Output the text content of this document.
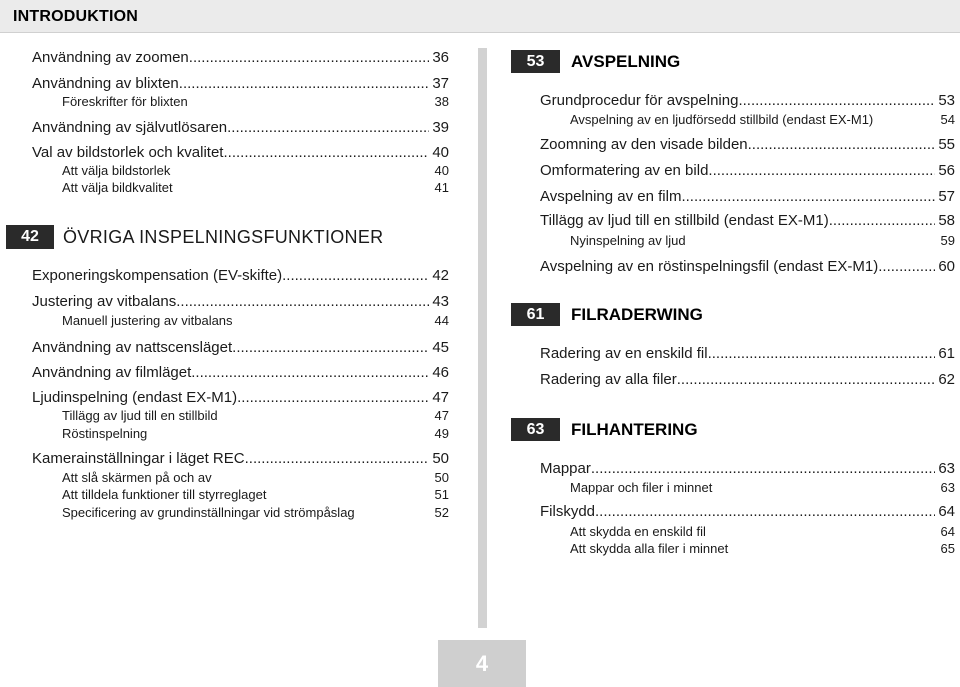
INTRODUKTION
Användning av zoomen .....	36
Användning av blixten .....	37
Föreskrifter för blixten	38
Användning av självutlösaren .....	39
Val av bildstorlek och kvalitet .....	40
Att välja bildstorlek	40
Att välja bildkvalitet	41
42	ÖVRIGA INSPELNINGSFUNKTIONER
Exponeringskompensation (EV-skifte) .....	42
Justering av vitbalans .....	43
Manuell justering av vitbalans	44
Användning av nattscensläget .....	45
Användning av filmläget .....	46
Ljudinspelning (endast EX-M1) .....	47
Tillägg av ljud till en stillbild	47
Röstinspelning	49
Kamerainställningar i läget REC .....	50
Att slå skärmen på och av	50
Att tilldela funktioner till styrreglaget	51
Specificering av grundinställningar vid strömpåslag	52
53	AVSPELNING
Grundprocedur för avspelning .....	53
Avspelning av en ljudförsedd stillbild (endast EX-M1)	54
Zoomning av den visade bilden .....	55
Omformatering av en bild .....	56
Avspelning av en film .....	57
Tillägg av ljud till en stillbild (endast EX-M1) .....	58
Nyinspelning av ljud	59
Avspelning av en röstinspelningsfil (endast EX-M1) .....	60
61	FILRADERWING
Radering av en enskild fil .....	61
Radering av alla filer .....	62
63	FILHANTERING
Mappar .....	63
Mappar och filer i minnet	63
Filskydd .....	64
Att skydda en enskild fil	64
Att skydda alla filer i minnet	65
4
